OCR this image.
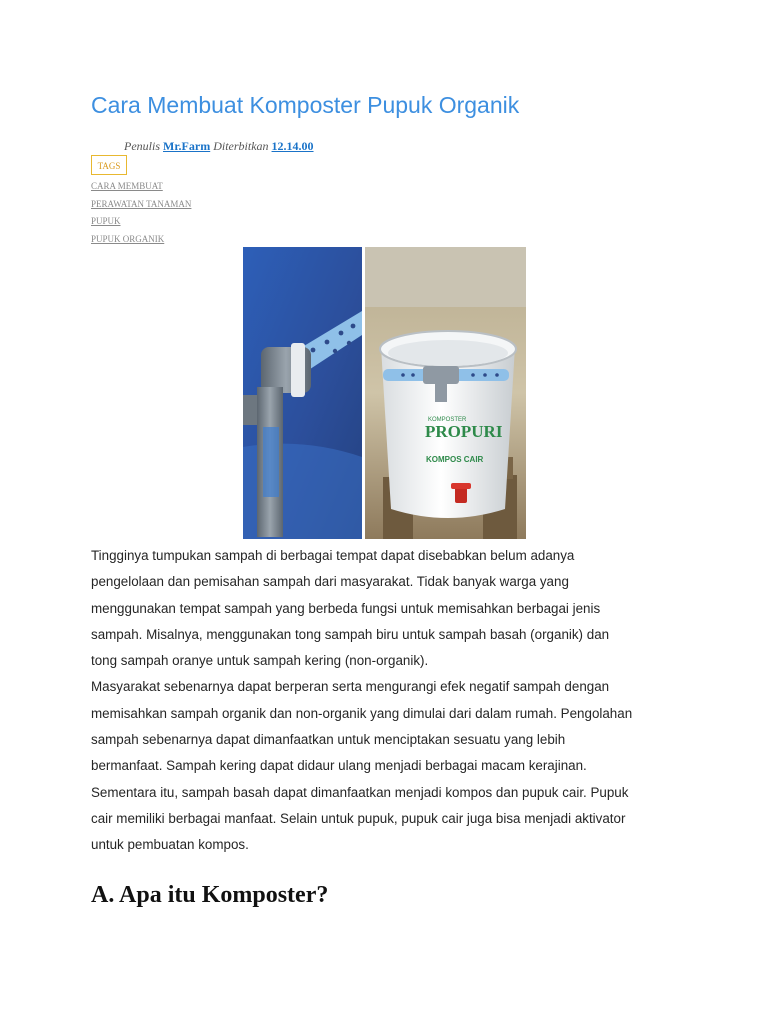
Cara Membuat Komposter Pupuk Organik
Penulis Mr.Farm Diterbitkan 12.14.00
TAGS
CARA MEMBUAT
PERAWATAN TANAMAN
PUPUK
PUPUK ORGANIK
KOMPOSTER
PROPURI
KOMPOS CAIR

Tingginya tumpukan sampah di berbagai tempat dapat disebabkan belum adanya
pengelolaan dan pemisahan sampah dari masyarakat. Tidak banyak warga yang
menggunakan tempat sampah yang berbeda fungsi untuk memisahkan berbagai jenis
sampah. Misalnya, menggunakan tong sampah biru untuk sampah basah (organik) dan
tong sampah oranye untuk sampah kering (non-organik).

Masyarakat sebenarnya dapat berperan serta mengurangi efek negatif sampah dengan
memisahkan sampah organik dan non-organik yang dimulai dari dalam rumah. Pengolahan
sampah sebenarnya dapat dimanfaatkan untuk menciptakan sesuatu yang lebih
bermanfaat. Sampah kering dapat didaur ulang menjadi berbagai macam kerajinan.
Sementara itu, sampah basah dapat dimanfaatkan menjadi kompos dan pupuk cair. Pupuk
cair memiliki berbagai manfaat. Selain untuk pupuk, pupuk cair juga bisa menjadi aktivator
untuk pembuatan kompos.

A. Apa itu Komposter?
